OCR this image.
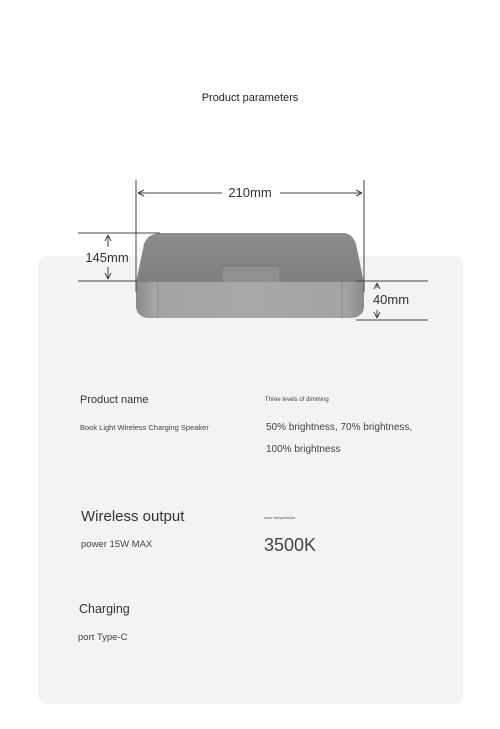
Product parameters
210mm
145mm
40mm
Product name
Book Light Wireless Charging Speaker
Wireless output
power 15W MAX
Charging
port Type-C
Three levels of dimming
50% brightness, 70% brightness,
100% brightness
color temperature
3500K
